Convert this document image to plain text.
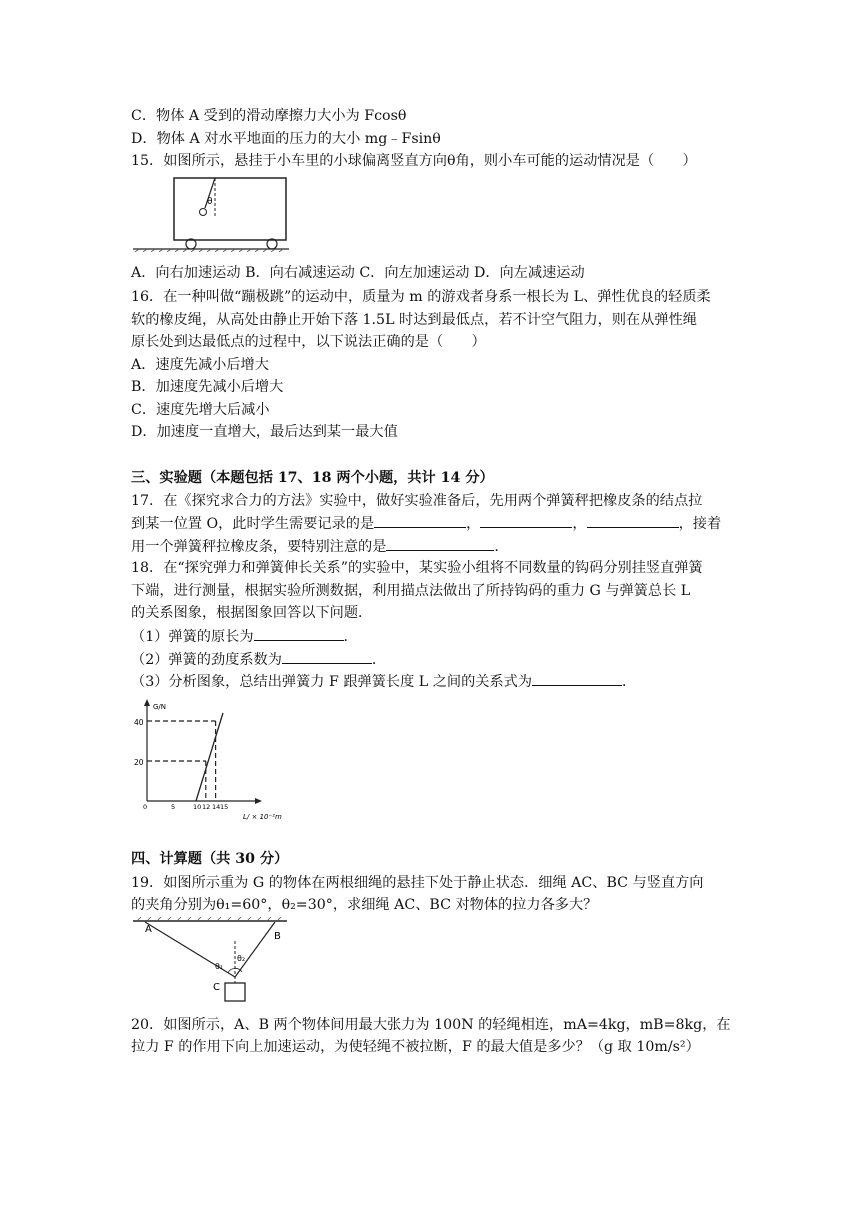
C．物体 A 受到的滑动摩擦力大小为 Fcosθ
D．物体 A 对水平地面的压力的大小 mg﹣Fsinθ
15．如图所示，悬挂于小车里的小球偏离竖直方向θ角，则小车可能的运动情况是（　　）
θ
A．向右加速运动 B．向右减速运动 C．向左加速运动 D．向左减速运动
16．在一种叫做“蹦极跳”的运动中，质量为 m 的游戏者身系一根长为 L、弹性优良的轻质柔
软的橡皮绳，从高处由静止开始下落 1.5L 时达到最低点，若不计空气阻力，则在从弹性绳
原长处到达最低点的过程中，以下说法正确的是（　　）
A．速度先减小后增大
B．加速度先减小后增大
C．速度先增大后减小
D．加速度一直增大，最后达到某一最大值
三、实验题（本题包括 17、18 两个小题，共计 14 分）
17．在《探究求合力的方法》实验中，做好实验准备后，先用两个弹簧秤把橡皮条的结点拉
到某一位置 O，此时学生需要记录的是	，	，	，接着
用一个弹簧秤拉橡皮条，要特别注意的是	．
18．在“探究弹力和弹簧伸长关系”的实验中，某实验小组将不同数量的钩码分别挂竖直弹簧
下端，进行测量，根据实验所测数据，利用描点法做出了所持钩码的重力 G 与弹簧总长 L
的关系图象，根据图象回答以下问题．
（1）弹簧的原长为	．
（2）弹簧的劲度系数为	．
（3）分析图象，总结出弹簧力 F 跟弹簧长度 L 之间的关系式为	．
G/N
L/ × 10⁻²m
40
20
0	5	10 12 14 15
四、计算题（共 30 分）
19．如图所示重为 G 的物体在两根细绳的悬挂下处于静止状态．细绳 AC、BC 与竖直方向
的夹角分别为θ₁=60°，θ₂=30°，求细绳 AC、BC 对物体的拉力各多大？
A
B
C
θ₁
θ₂
20．如图所示，A、B 两个物体间用最大张力为 100N 的轻绳相连，mA=4kg，mB=8kg，在
拉力 F 的作用下向上加速运动，为使轻绳不被拉断，F 的最大值是多少？（g 取 10m/s²）
